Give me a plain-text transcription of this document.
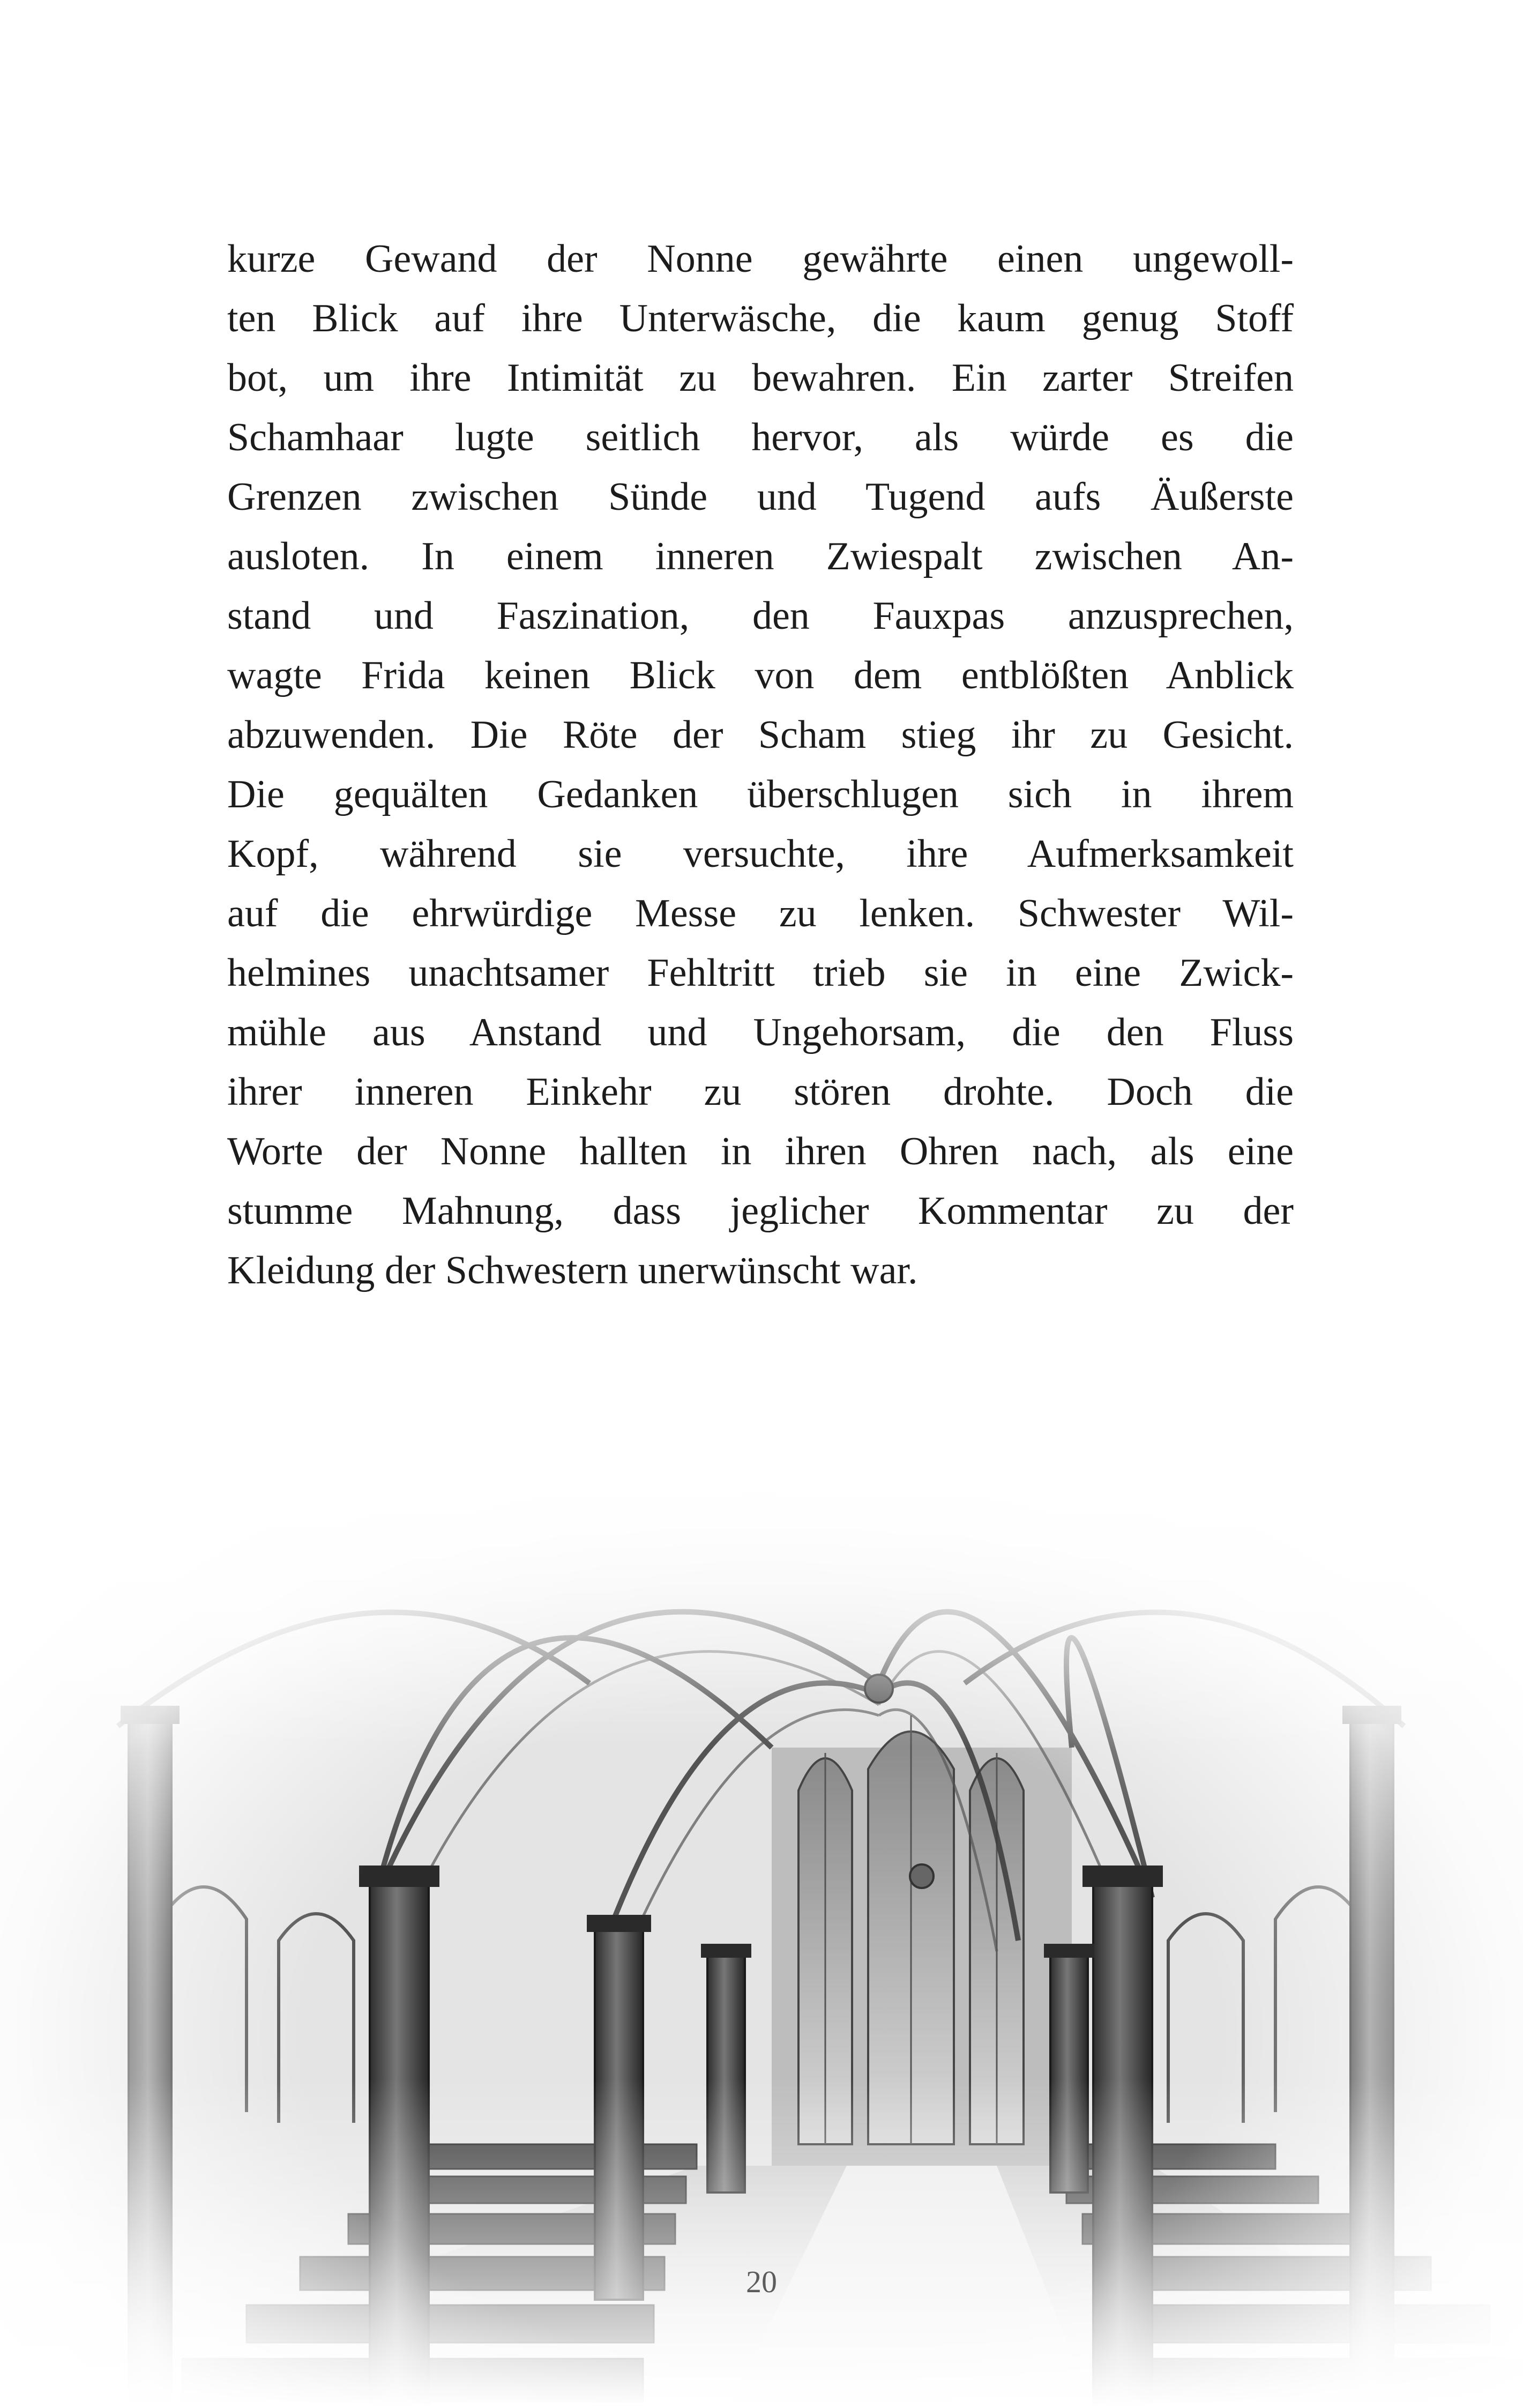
kurze Gewand der Nonne gewährte einen ungewoll-
ten Blick auf ihre Unterwäsche, die kaum genug Stoff
bot, um ihre Intimität zu bewahren. Ein zarter Streifen
Schamhaar lugte seitlich hervor, als würde es die
Grenzen zwischen Sünde und Tugend aufs Äußerste
ausloten. In einem inneren Zwiespalt zwischen An-
stand und Faszination, den Fauxpas anzusprechen,
wagte Frida keinen Blick von dem entblößten Anblick
abzuwenden. Die Röte der Scham stieg ihr zu Gesicht.
Die gequälten Gedanken überschlugen sich in ihrem
Kopf, während sie versuchte, ihre Aufmerksamkeit
auf die ehrwürdige Messe zu lenken. Schwester Wil-
helmines unachtsamer Fehltritt trieb sie in eine Zwick-
mühle aus Anstand und Ungehorsam, die den Fluss
ihrer inneren Einkehr zu stören drohte. Doch die
Worte der Nonne hallten in ihren Ohren nach, als eine
stumme Mahnung, dass jeglicher Kommentar zu der
Kleidung der Schwestern unerwünscht war.
20
